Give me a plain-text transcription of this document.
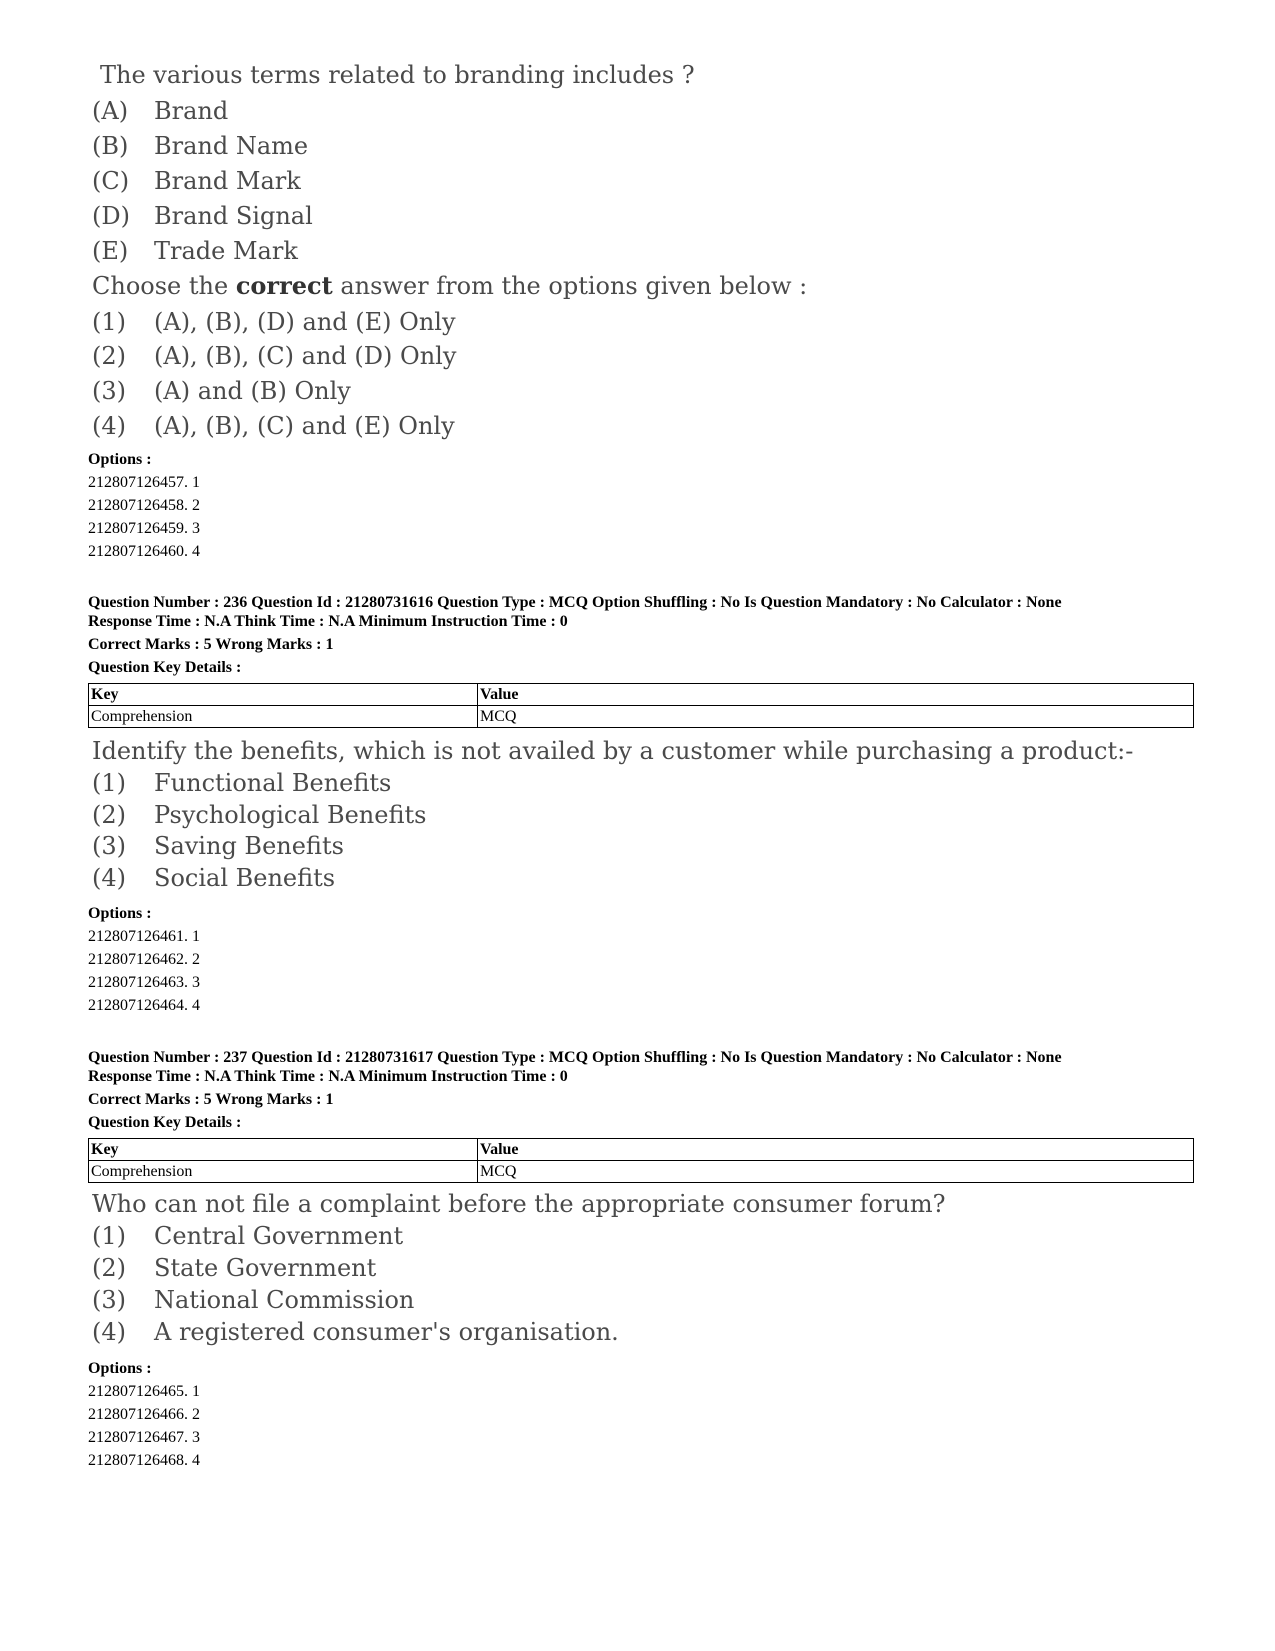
The various terms related to branding includes ?
(A)	Brand
(B)	Brand Name
(C)	Brand Mark
(D)	Brand Signal
(E)	Trade Mark
Choose the correct answer from the options given below :
(1)	(A), (B), (D) and (E) Only
(2)	(A), (B), (C) and (D) Only
(3)	(A) and (B) Only
(4)	(A), (B), (C) and (E) Only
Options :
212807126457. 1
212807126458. 2
212807126459. 3
212807126460. 4
Question Number : 236 Question Id : 21280731616 Question Type : MCQ Option Shuffling : No Is Question Mandatory : No Calculator : None
Response Time : N.A Think Time : N.A Minimum Instruction Time : 0
Correct Marks : 5 Wrong Marks : 1
Question Key Details :
Key	Value
Comprehension	MCQ
Identify the benefits, which is not availed by a customer while purchasing a product:-
(1)	Functional Benefits
(2)	Psychological Benefits
(3)	Saving Benefits
(4)	Social Benefits
Options :
212807126461. 1
212807126462. 2
212807126463. 3
212807126464. 4
Question Number : 237 Question Id : 21280731617 Question Type : MCQ Option Shuffling : No Is Question Mandatory : No Calculator : None
Response Time : N.A Think Time : N.A Minimum Instruction Time : 0
Correct Marks : 5 Wrong Marks : 1
Question Key Details :
Key	Value
Comprehension	MCQ
Who can not file a complaint before the appropriate consumer forum?
(1)	Central Government
(2)	State Government
(3)	National Commission
(4)	A registered consumer's organisation.
Options :
212807126465. 1
212807126466. 2
212807126467. 3
212807126468. 4
